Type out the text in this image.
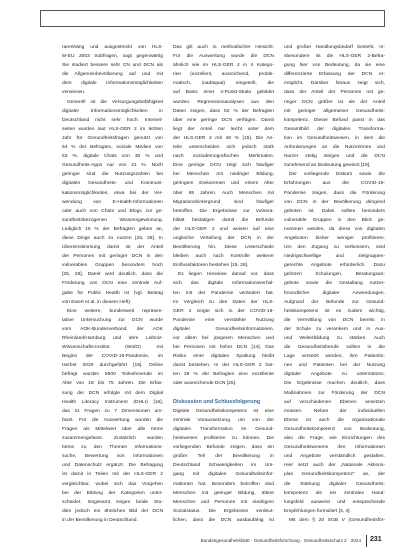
rarenhäng und ausgestreckt von HLS-
M-EU 2003 Subfragen, sagt gegenwärtig
Sie studiert bessere sehr CN und DCN als
die Allgemeinbevölkerung auf und mit
dem digitale Informationsmöglichkeiten
verwiesen.
Generell ist die Versorgungsbefähigkeit
digitaler Informationsmöglichkeiten in
Deutschland nicht sehr hoch: Internet-
seiten wurden laut HLS-GER 2 im letzten
Jahr für Gesundheitsfragen genutzt von
64 % der Befragten, soziale Medien von
53 %, digitale Chats von 30 % und
Gesundheits-Apps nur von 21 %. Noch
geringer sind die Nutzungszahlen bei
digitalen Gesundheits- und Kommuni-
kationsmöglichkeiten, etwa bei der Ver-
wendung von E-Health-Informationen
oder auch von Chats und Blogs zur ge-
sundheitsbezogenen Wissensgewinnung.
Lediglich 16 % der Befragten geben an,
diese Dinge auch zu nutzen [25, 28]. In
Übereinstimmung damit ist der Anteil
der Personen mit geringer DCN in den
vulnerablen Gruppen besonders hoch
[25, 28]. Damit wird deutlich, dass die
Förderung von DCN eine zentrale Auf-
gabe für Public Health ist (vgl. Beitrag
von Ewert et al. in diesem Heft).
Eine weitere, bundesweit repräsen-
tative Untersuchung zur DCN wurde
vom AOK-Bundesverband, der AOK
Rheinland/Hamburg und dem Leibniz-
Wissenschafts-Institut (WIdO) mit
Beginn der COVID-19-Pandemie, im
Herbst 2020 durchgeführt [15]. Online
befragt wurden 8500 Teilnehmende im
Alter von 18 bis 75 Jahren. Die Erfas-
sung der DCN erfolgte mit dem Digital
Health Literacy Instrument (DHLI) [16],
das 21 Fragen zu 7 Dimensionen um-
fasst. Für die Auswertung wurden die
Fragen als Mittelwert über alle Items
zusammengefasst. Zusätzlich wurden
Items zu den Themen Informations-
suche, Bewertung von Informationen
und Datenschutz ergänzt. Die Befragung
ist damit in Teilen mit der HLS-GER 2
vergleichbar, wobei sich das Vorgehen
bei der Bildung der Kategorien unter-
scheidet. Insgesamt zeigen beide Stu-
dien jedoch ein ähnliches Bild der DCN
in der Bevölkerung in Deutschland.
Das gilt auch in methodischer Hinsicht:
Für die Auswertung wurde die DCN
ähnlich wie im HLS-GER 2 in 4 Katego-
rien (exzellent, ausreichend, proble-
matisch, inadäquat) eingeteilt, die
auf Basis einer 4-Punkt-Skala gebildet
wurden. Regressionsanalysen aus den
Daten zeigen, dass 52 % der Befragten
über eine geringe DCN verfügen. Damit
liegt der Anteil nur leicht unter dem
der HLS-GER 2 mit 48 % [15]. Die An-
teile unterscheiden sich jedoch stark
nach soziodemografischen Merkmalen:
Eine geringe DCN zeigt sich häufiger
bei Menschen mit niedriger Bildung,
geringem Einkommen und einem Alter
über 65 Jahren. Auch Menschen mit
Migrationshintergrund sind häufiger
betroffen. Die Ergebnisse zur Vulnera-
bilität bestätigen damit die Befunde
der HLS-GER 2 und weisen auf eine
ungleiche Verteilung der DCN in der
Bevölkerung hin. Diese Unterschiede
bleiben auch nach Kontrolle weiterer
Einflussfaktoren bestehen [15, 28].
Es liegen Hinweise darauf vor, dass
sich das digitale Informationsverhal-
ten mit der Pandemie verändert hat.
Im Vergleich zu den Daten der HLS-
GER 2 zeigte sich in der COVID-19-
Pandemie eine verstärkte Nutzung
digitaler Gesundheitsinformationen,
vor allem bei jüngeren Menschen und
bei Personen mit hoher DCN [14]. Das
Risiko einer digitalen Spaltung bleibt
damit bestehen. In der HLS-GER 2 hat-
ten 28 % der Befragten eine exzellente
oder ausreichende DCN [25].
Diskussion und Schlussfolgerung
Digitale Gesundheitskompetenz ist eine
zentrale Voraussetzung, um von der
digitalen Transformation im Gesund-
heitswesen profitieren zu können. Die
vorliegenden Befunde zeigen, dass ein
großer Teil der Bevölkerung in
Deutschland Schwierigkeiten im Um-
gang mit digitalen Gesundheitsinfor-
mationen hat. Besonders betroffen sind
Menschen mit geringer Bildung, ältere
Menschen und Personen mit niedrigem
Sozialstatus. Die Ergebnisse verdeut-
lichen, dass die DCN ausbaufähig ist
und großer Handlungsbedarf besteht. In-
sbesondere ist die HLS-GER 2-Befra-
gung hier von Bedeutung, da sie eine
differenzierte Erfassung der DCN er-
möglicht. Darüber hinaus zeigt sich,
dass der Anteil der Personen mit ge-
ringer DCN größer ist als der Anteil
mit geringer allgemeiner Gesundheits-
kompetenz. Dieser Befund passt in das
Gesamtbild der digitalen Transforma-
tion im Gesundheitswesen, in dem die
Anforderungen an die Nutzerinnen und
Nutzer stetig steigen und die DCN
zunehmend an Bedeutung gewinnt [19].
Der vorliegende Diskurs sowie die
Erfahrungen aus der COVID-19-
Pandemie zeigen, dass die Förderung
von DCN in der Bevölkerung dringend
geboten ist. Dabei sollten besonders
vulnerable Gruppen in den Blick ge-
nommen werden, da diese von digitalen
Angeboten bisher weniger profitieren.
Um den Zugang zu verbessern, sind
niedrigschwellige und zielgruppen-
gerechte Angebote erforderlich. Dazu
gehören Schulungen, Beratungsan-
gebote sowie die Gestaltung nutzer-
freundlicher digitaler Anwendungen.
Aufgrund der Befunde zur Gesund-
heitskompetenz ist es zudem wichtig,
die Vermittlung von DCN bereits in
der Schule zu verankern und in Aus-
und Weiterbildung zu stärken. Auch
die Gesundheitsberufe sollten in die
Lage versetzt werden, ihre Patientin-
nen und Patienten bei der Nutzung
digitaler Angebote zu unterstützen.
Die Ergebnisse machen deutlich, dass
Maßnahmen zur Förderung der DCN
auf verschiedenen Ebenen ansetzen
müssen. Neben der individuellen
Ebene ist auch die organisationale
Gesundheitskompetenz von Bedeutung,
also die Frage, wie Einrichtungen des
Gesundheitswesens ihre Informationen
und Angebote verständlich gestalten.
Hier setzt auch der „Nationale Aktions-
plan Gesundheitskompetenz“ an, der
die Stärkung digitaler Gesundheits-
kompetenz als ein zentrales Hand-
lungsfeld ausweist und entsprechende
Empfehlungen formuliert [3, 4].
Mit dem § 20 SGB V (Gesundheitsför-
Bundesgesundheitsblatt - Gesundheitsforschung - Gesundheitsschutz 2 · 2024 231
